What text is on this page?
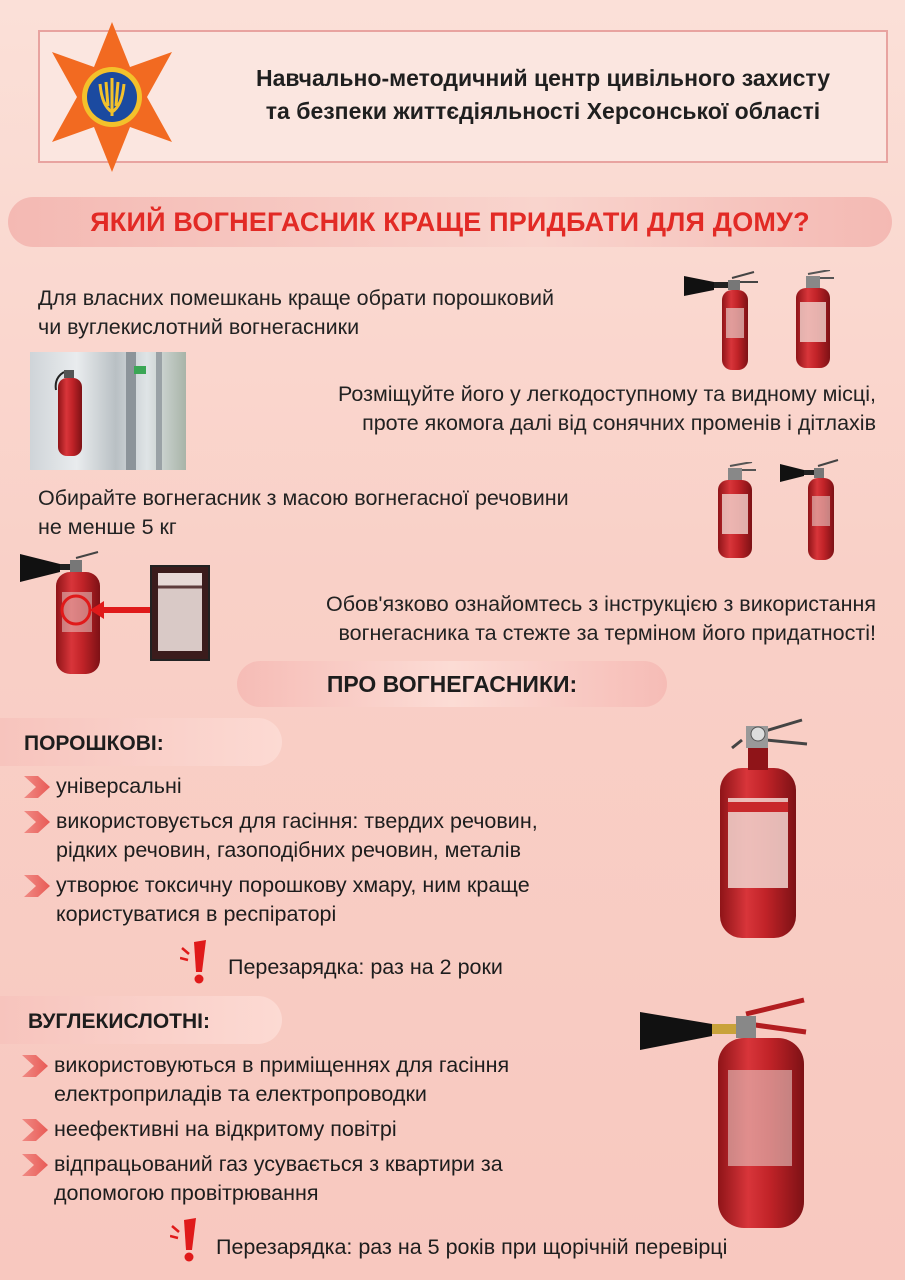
Навчально-методичний центр цивільного захисту
та безпеки життєдіяльності Херсонської області
ЯКИЙ ВОГНЕГАСНИК КРАЩЕ ПРИДБАТИ ДЛЯ ДОМУ?
Для власних помешкань краще обрати порошковий
чи вуглекислотний вогнегасники
Розміщуйте його у легкодоступному та видному місці,
проте якомога далі від сонячних променів і дітлахів
Обирайте вогнегасник з масою вогнегасної речовини
не менше 5 кг
Обов'язково ознайомтесь з інструкцією з використання
вогнегасника та стежте за терміном його придатності!
ПРО ВОГНЕГАСНИКИ:
ПОРОШКОВІ:
універсальні
використовується для гасіння: твердих речовин,
рідких речовин, газоподібних речовин, металів
утворює токсичну порошкову хмару, ним краще
користуватися в респіраторі
Перезарядка: раз на 2 роки
ВУГЛЕКИСЛОТНІ:
використовуються в приміщеннях для гасіння
електроприладів та електропроводки
неефективні на відкритому повітрі
відпрацьований газ усувається з квартири за
допомогою провітрювання
Перезарядка: раз на 5 років при щорічній перевірці
